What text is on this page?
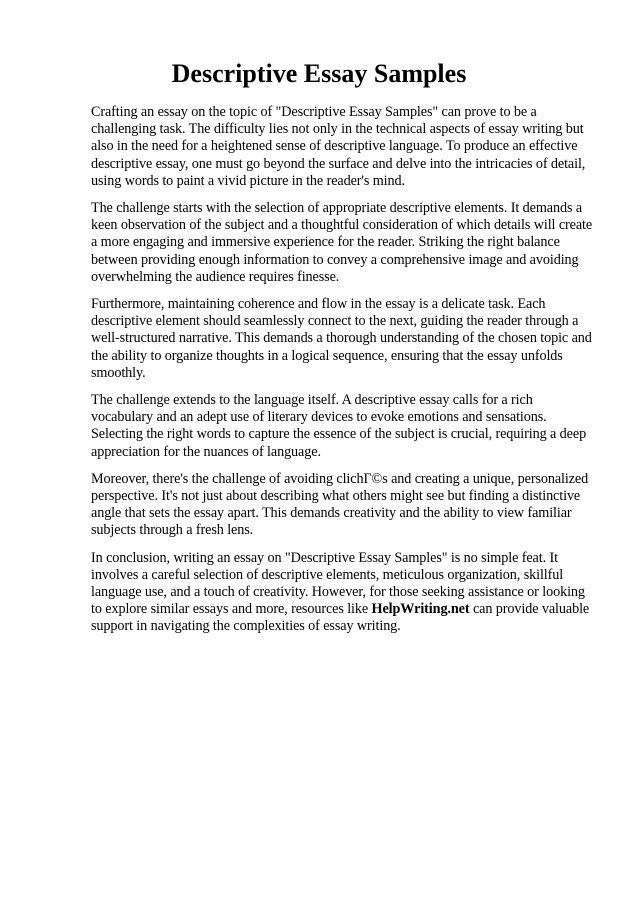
Descriptive Essay Samples

Crafting an essay on the topic of "Descriptive Essay Samples" can prove to be a challenging task. The difficulty lies not only in the technical aspects of essay writing but also in the need for a heightened sense of descriptive language. To produce an effective descriptive essay, one must go beyond the surface and delve into the intricacies of detail, using words to paint a vivid picture in the reader's mind.

The challenge starts with the selection of appropriate descriptive elements. It demands a keen observation of the subject and a thoughtful consideration of which details will create a more engaging and immersive experience for the reader. Striking the right balance between providing enough information to convey a comprehensive image and avoiding overwhelming the audience requires finesse.

Furthermore, maintaining coherence and flow in the essay is a delicate task. Each descriptive element should seamlessly connect to the next, guiding the reader through a well-structured narrative. This demands a thorough understanding of the chosen topic and the ability to organize thoughts in a logical sequence, ensuring that the essay unfolds smoothly.

The challenge extends to the language itself. A descriptive essay calls for a rich vocabulary and an adept use of literary devices to evoke emotions and sensations. Selecting the right words to capture the essence of the subject is crucial, requiring a deep appreciation for the nuances of language.

Moreover, there's the challenge of avoiding clichГ©s and creating a unique, personalized perspective. It's not just about describing what others might see but finding a distinctive angle that sets the essay apart. This demands creativity and the ability to view familiar subjects through a fresh lens.

In conclusion, writing an essay on "Descriptive Essay Samples" is no simple feat. It involves a careful selection of descriptive elements, meticulous organization, skillful language use, and a touch of creativity. However, for those seeking assistance or looking to explore similar essays and more, resources like HelpWriting.net can provide valuable support in navigating the complexities of essay writing.
